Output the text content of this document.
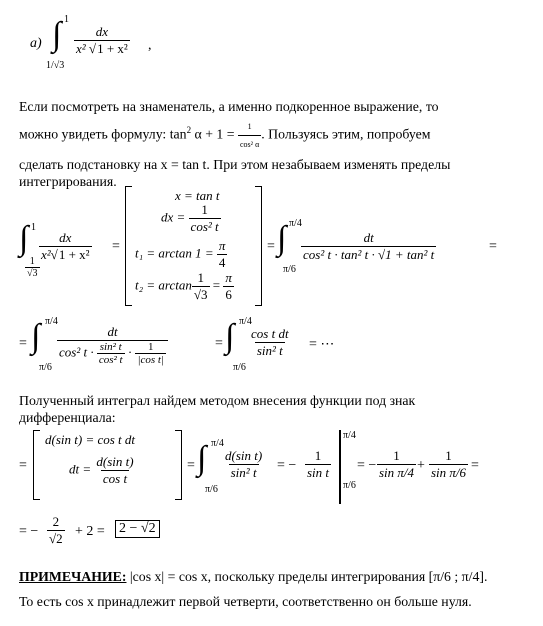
a) ∫ 1
1/√3
$\frac{dx}{\text{x² √1 + x²}}$ ,
Если посмотреть на знаменатель, а именно подкоренное выражение, то
можно увидеть формулу: $\tan^2 \alpha + 1 = \frac{1}{\text{cos² α}}$ . Пользуясь этим, попробуем
сделать подстановку на x = tan t. При этом незабываем изменять пределы
интегрирования.
∫ 1
$\frac{1}{√3}$
$\frac{dx}{\text{x²√1 + x²}}$ =
x = tan t
dx = $\frac{1}{\text{cos² t}}$
$t_1 = \arctan 1 = \frac{\pi}{4}$
$t_2 = \arctan \frac{1}{√3} = \frac{\pi}{6}$
= ∫ π/4
π/6
$\frac{dt}{\text{cos² t · tan² t · √1 + tan² t}}$	=
= ∫ π/4
π/6
$\frac{dt}{\cos^2 t \cdot \frac{\text{sin² t}}{\text{cos² t}} \cdot \frac{1}{\text{|cos t|}}}$	= ∫ π/4
π/6
$\frac{\text{cos t dt}}{\text{sin² t}}$ = ⋯
Полученный интеграл найдем методом внесения функции под знак
дифференциала:
=
d(sin t) = cos t dt
dt = $\frac{\text{d(sin t)}}{\text{cos t}}$	= ∫ π/4
π/6
$\frac{\text{d(sin t)}}{\text{sin² t}}$ = − $\frac{1}{\text{sin t}}$
π/4
π/6
= − $\frac{1}{\text{sin π/4}} + \frac{1}{\text{sin π/6}}$ =
= − $\frac{2}{√2} + 2 = 2 - √2$
ПРИМЕЧАНИЕ: |cos x| = cos x, поскольку пределы интегрирования [π/6 ; π/4].
То есть cos x принадлежит первой четверти, соответственно он больше нуля.
